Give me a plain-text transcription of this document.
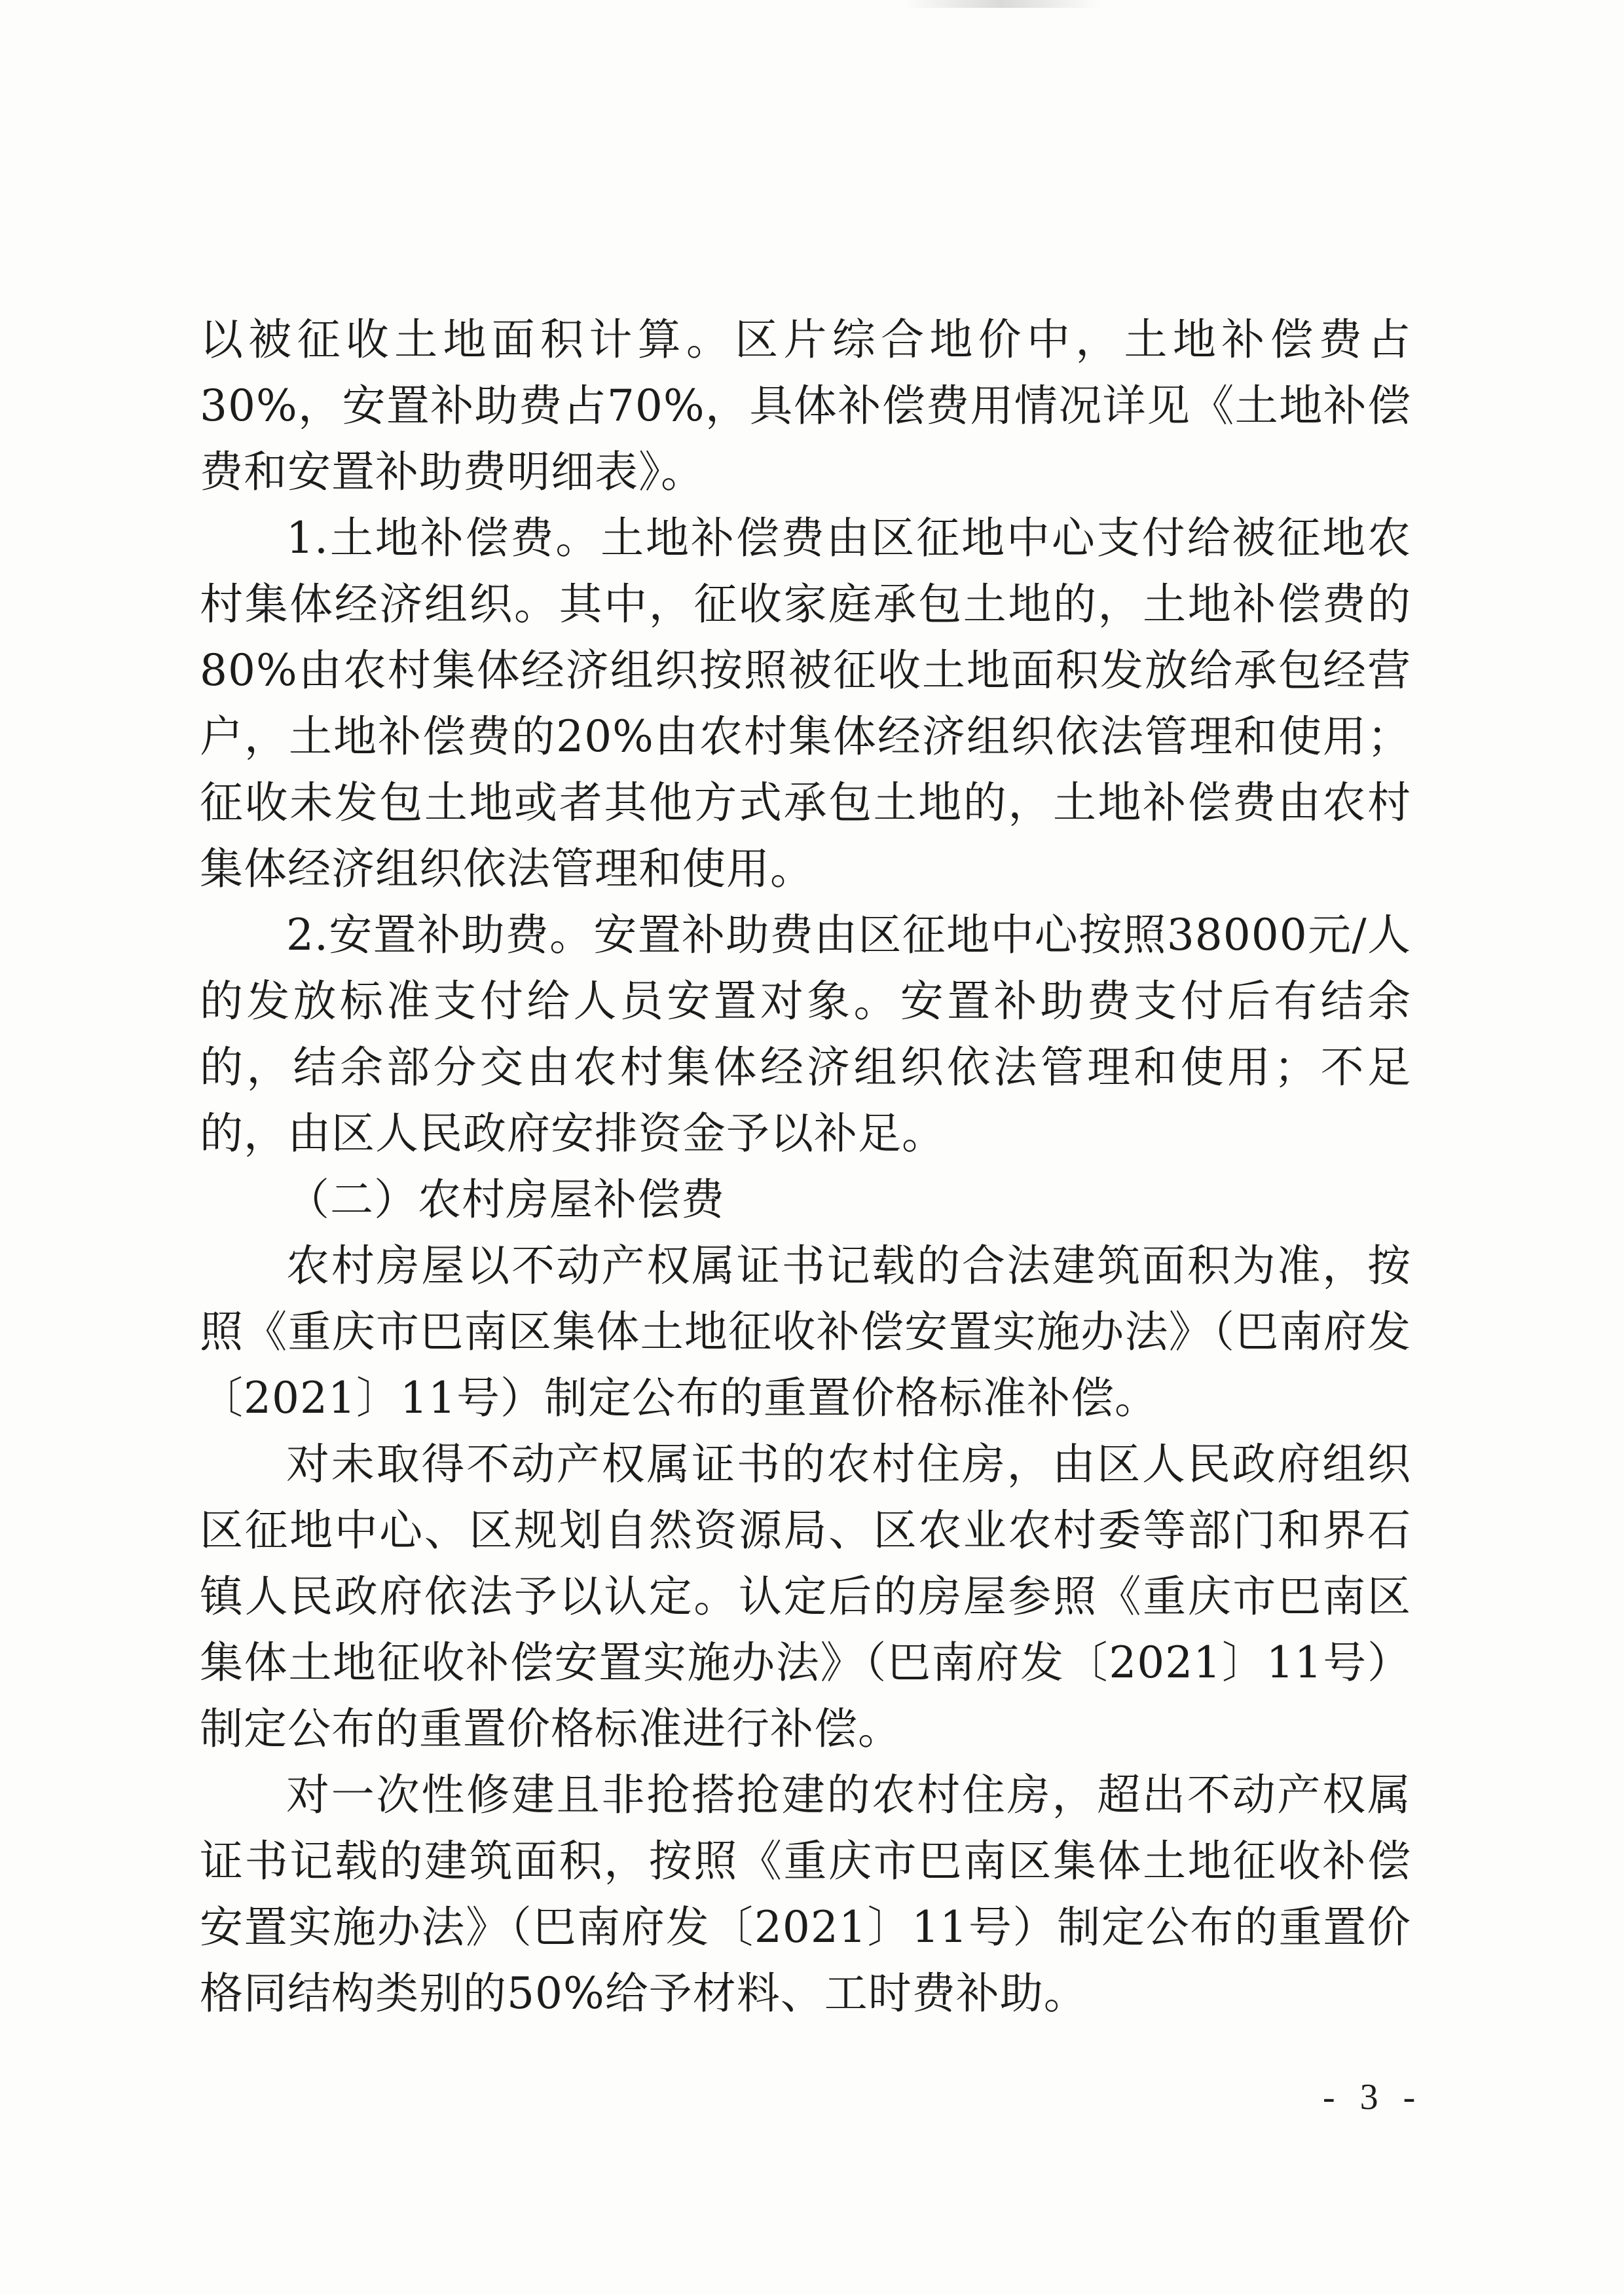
以被征收土地面积计算。区片综合地价中，土地补偿费占30%，安置补助费占70%，具体补偿费用情况详见《土地补偿费和安置补助费明细表》。

1.土地补偿费。土地补偿费由区征地中心支付给被征地农村集体经济组织。其中，征收家庭承包土地的，土地补偿费的80%由农村集体经济组织按照被征收土地面积发放给承包经营户，土地补偿费的20%由农村集体经济组织依法管理和使用；征收未发包土地或者其他方式承包土地的，土地补偿费由农村集体经济组织依法管理和使用。

2.安置补助费。安置补助费由区征地中心按照38000元/人的发放标准支付给人员安置对象。安置补助费支付后有结余的，结余部分交由农村集体经济组织依法管理和使用；不足的，由区人民政府安排资金予以补足。

（二）农村房屋补偿费

农村房屋以不动产权属证书记载的合法建筑面积为准，按照《重庆市巴南区集体土地征收补偿安置实施办法》（巴南府发〔2021〕11号）制定公布的重置价格标准补偿。

对未取得不动产权属证书的农村住房，由区人民政府组织区征地中心、区规划自然资源局、区农业农村委等部门和界石镇人民政府依法予以认定。认定后的房屋参照《重庆市巴南区集体土地征收补偿安置实施办法》（巴南府发〔2021〕11号）制定公布的重置价格标准进行补偿。

对一次性修建且非抢搭抢建的农村住房，超出不动产权属证书记载的建筑面积，按照《重庆市巴南区集体土地征收补偿安置实施办法》（巴南府发〔2021〕11号）制定公布的重置价格同结构类别的50%给予材料、工时费补助。

- 3 -
